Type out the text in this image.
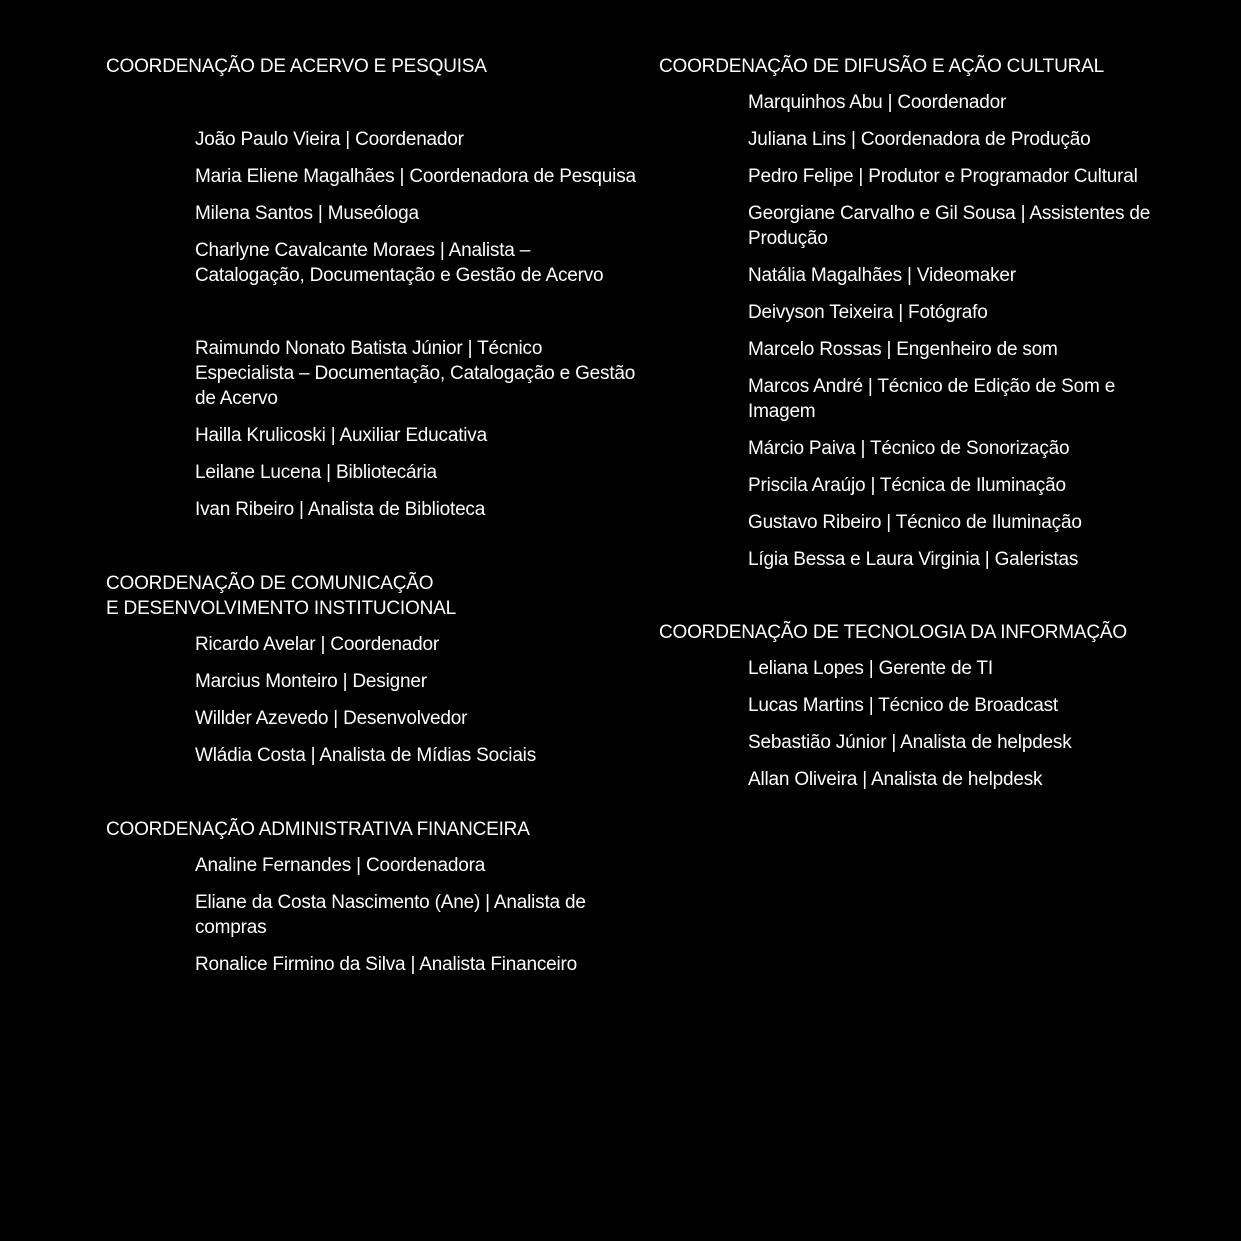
COORDENAÇÃO DE ACERVO E PESQUISA
João Paulo Vieira | Coordenador
Maria Eliene Magalhães | Coordenadora de Pesquisa
Milena Santos | Museóloga
Charlyne Cavalcante Moraes | Analista – Catalogação, Documentação e Gestão de Acervo
Raimundo Nonato Batista Júnior | Técnico Especialista – Documentação, Catalogação e Gestão de Acervo
Hailla Krulicoski | Auxiliar Educativa
Leilane Lucena | Bibliotecária
Ivan Ribeiro | Analista de Biblioteca
COORDENAÇÃO DE COMUNICAÇÃO
E DESENVOLVIMENTO INSTITUCIONAL
Ricardo Avelar | Coordenador
Marcius Monteiro | Designer
Willder Azevedo | Desenvolvedor
Wládia Costa | Analista de Mídias Sociais
COORDENAÇÃO ADMINISTRATIVA FINANCEIRA
Analine Fernandes | Coordenadora
Eliane da Costa Nascimento (Ane) | Analista de compras
Ronalice Firmino da Silva | Analista Financeiro
COORDENAÇÃO DE DIFUSÃO E AÇÃO CULTURAL
Marquinhos Abu | Coordenador
Juliana Lins | Coordenadora de Produção
Pedro Felipe | Produtor e Programador Cultural
Georgiane Carvalho e Gil Sousa | Assistentes de Produção
Natália Magalhães | Videomaker
Deivyson Teixeira | Fotógrafo
Marcelo Rossas | Engenheiro de som
Marcos André | Técnico de Edição de Som e Imagem
Márcio Paiva | Técnico de Sonorização
Priscila Araújo | Técnica de Iluminação
Gustavo Ribeiro | Técnico de Iluminação
Lígia Bessa e Laura Virginia | Galeristas
COORDENAÇÃO DE TECNOLOGIA DA INFORMAÇÃO
Leliana Lopes | Gerente de TI
Lucas Martins | Técnico de Broadcast
Sebastião Júnior | Analista de helpdesk
Allan Oliveira | Analista de helpdesk
